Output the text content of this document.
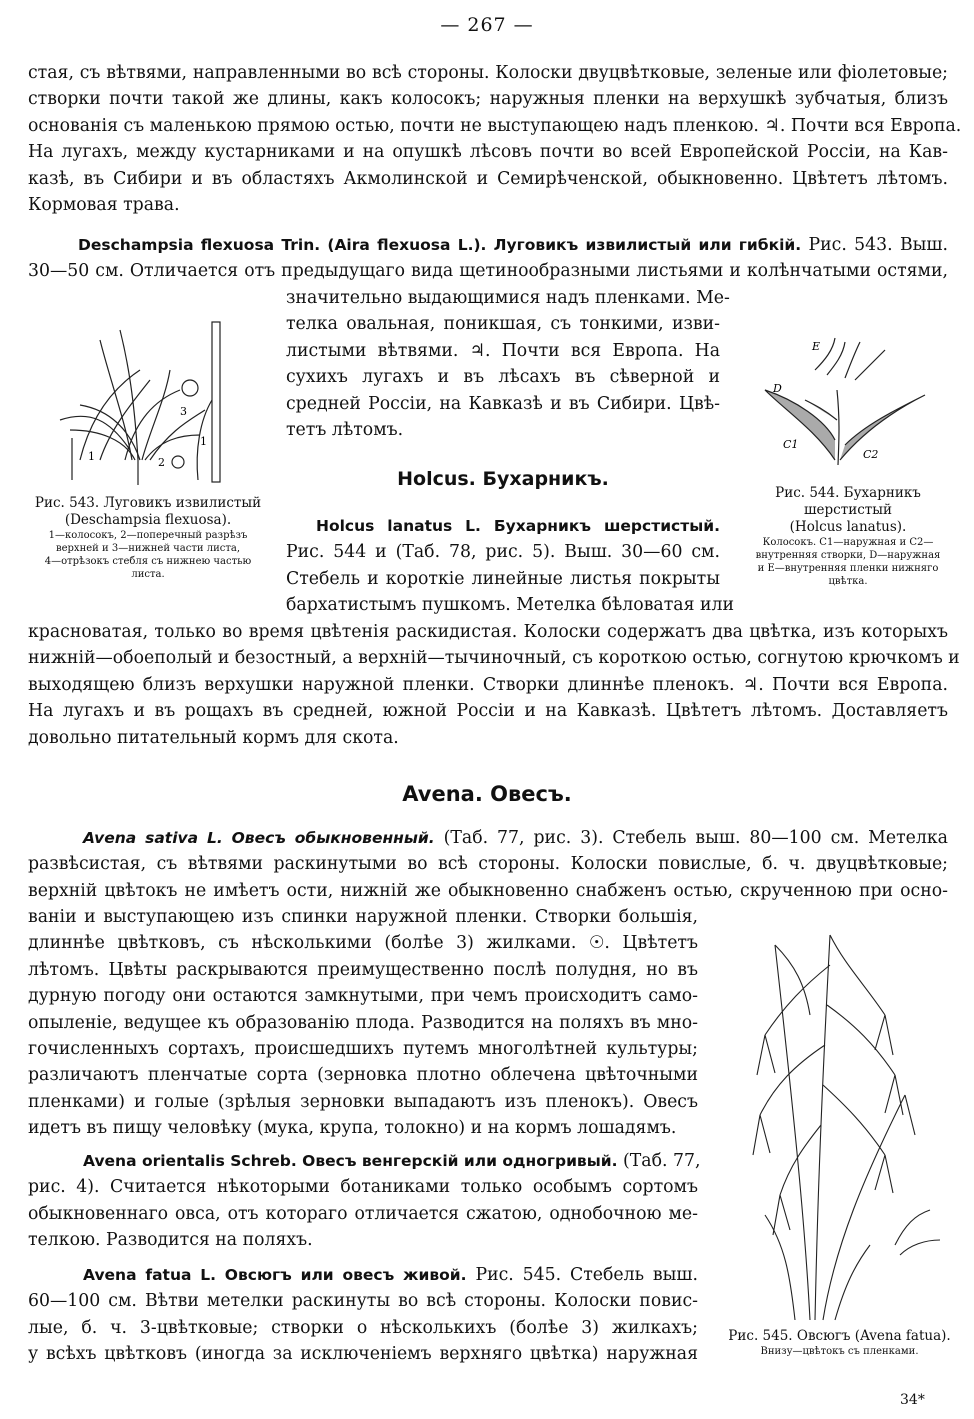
— 267 —
стая, съ вѣтвями, направленными во всѣ стороны. Колоски двуцвѣтковые, зеленые или фіолетовые;
створки почти такой же длины, какъ колосокъ; наружныя пленки на верхушкѣ зубчатыя, близъ
основанія съ маленькою прямою остью, почти не выступающею надъ пленкою. ♃. Почти вся Европа.
На лугахъ, между кустарниками и на опушкѣ лѣсовъ почти во всей Европейской Россіи, на Кав-
казѣ, въ Сибири и въ областяхъ Акмолинской и Семирѣченской, обыкновенно. Цвѣтетъ лѣтомъ.
Кормовая трава.
Deschampsia flexuosa Trin. (Aira flexuosa L.). Луговикъ извилистый или гибкій. Рис. 543. Выш.
30—50 см. Отличается отъ предыдущаго вида щетинообразными листьями и колѣнчатыми остями,
значительно выдающимися надъ пленками. Ме-
телка овальная, поникшая, съ тонкими, изви-
листыми вѣтвями. ♃. Почти вся Европа. На
сухихъ лугахъ и въ лѣсахъ въ сѣверной и
средней Россіи, на Кавказѣ и въ Сибири. Цвѣ-
тетъ лѣтомъ.
3
1	2
1
Рис. 543. Луговикъ извилистый
(Deschampsia flexuosa).
1—колосокъ, 2—поперечный разрѣзъ
верхней и 3—нижней части листа,
4—отрѣзокъ стебля съ нижнею частью
листа.
E
D
C1
C2
Рис. 544. Бухарникъ
шерстистый
(Holcus lanatus).
Колосокъ. C1—наружная и C2—
внутренняя створки, D—наружная
и E—внутренняя пленки нижняго
цвѣтка.
Holcus. Бухарникъ.
Holcus lanatus L. Бухарникъ шерстистый.
Рис. 544 и (Таб. 78, рис. 5). Выш. 30—60 см.
Стебель и короткіе линейные листья покрыты
бархатистымъ пушкомъ. Метелка бѣловатая или
красноватая, только во время цвѣтенія раскидистая. Колоски содержатъ два цвѣтка, изъ которыхъ
нижній—обоеполый и безостный, а верхній—тычиночный, съ короткою остью, согнутою крючкомъ и
выходящею близъ верхушки наружной пленки. Створки длиннѣе пленокъ. ♃. Почти вся Европа.
На лугахъ и въ рощахъ въ средней, южной Россіи и на Кавказѣ. Цвѣтетъ лѣтомъ. Доставляетъ
довольно питательный кормъ для скота.
Avena. Овесъ.
Avena sativa L. Овесъ обыкновенный. (Таб. 77, рис. 3). Стебель выш. 80—100 см. Метелка
развѣсистая, съ вѣтвями раскинутыми во всѣ стороны. Колоски повислые, б. ч. двуцвѣтковые;
верхній цвѣтокъ не имѣетъ ости, нижній же обыкновенно снабженъ остью, скрученною при осно-
ваніи и выступающею изъ спинки наружной пленки. Створки большія,
длиннѣе цвѣтковъ, съ нѣсколькими (болѣе 3) жилками. ☉. Цвѣтетъ
лѣтомъ. Цвѣты раскрываются преимущественно послѣ полудня, но въ
дурную погоду они остаются замкнутыми, при чемъ происходитъ само-
опыленіе, ведущее къ образованію плода. Разводится на поляхъ въ мно-
гочисленныхъ сортахъ, происшедшихъ путемъ многолѣтней культуры;
различаютъ пленчатые сорта (зерновка плотно облечена цвѣточными
пленками) и голые (зрѣлыя зерновки выпадаютъ изъ пленокъ). Овесъ
идетъ въ пищу человѣку (мука, крупа, толокно) и на кормъ лошадямъ.
Avena orientalis Schreb. Овесъ венгерскій или одногривый. (Таб. 77,
рис. 4). Считается нѣкоторыми ботаниками только особымъ сортомъ
обыкновеннаго овса, отъ котораго отличается сжатою, однобочною ме-
телкою. Разводится на поляхъ.
Avena fatua L. Овсюгъ или овесъ живой. Рис. 545. Стебель выш.
60—100 см. Вѣтви метелки раскинуты во всѣ стороны. Колоски повис-
лые, б. ч. 3-цвѣтковые; створки о нѣсколькихъ (болѣе 3) жилкахъ;
у всѣхъ цвѣтковъ (иногда за исключеніемъ верхняго цвѣтка) наружная
Рис. 545. Овсюгъ (Avena fatua).
Внизу—цвѣтокъ съ пленками.
34*
